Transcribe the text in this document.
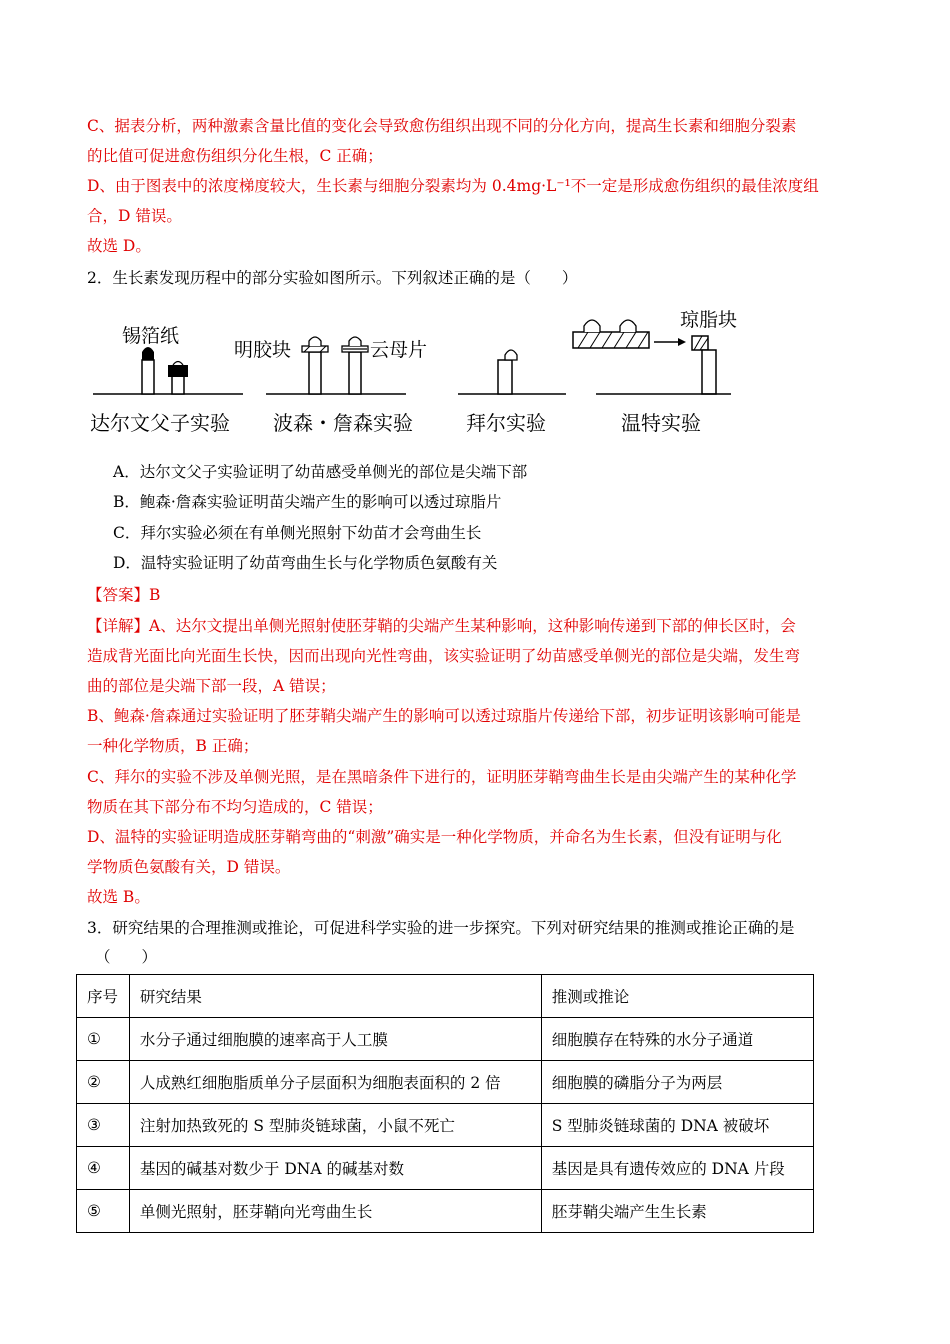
C、据表分析，两种激素含量比值的变化会导致愈伤组织出现不同的分化方向，提高生长素和细胞分裂素
的比值可促进愈伤组织分化生根，C 正确；
D、由于图表中的浓度梯度较大，生长素与细胞分裂素均为 0.4mg·L⁻¹不一定是形成愈伤组织的最佳浓度组
合，D 错误。
故选 D。
2．生长素发现历程中的部分实验如图所示。下列叙述正确的是（　　）
锡箔纸
达尔文父子实验
明胶块	云母片
波森・詹森实验	拜尔实验
琼脂块
温特实验
A．达尔文父子实验证明了幼苗感受单侧光的部位是尖端下部
B．鲍森·詹森实验证明苗尖端产生的影响可以透过琼脂片
C．拜尔实验必须在有单侧光照射下幼苗才会弯曲生长
D．温特实验证明了幼苗弯曲生长与化学物质色氨酸有关
【答案】B
【详解】A、达尔文提出单侧光照射使胚芽鞘的尖端产生某种影响，这种影响传递到下部的伸长区时，会
造成背光面比向光面生长快，因而出现向光性弯曲，该实验证明了幼苗感受单侧光的部位是尖端，发生弯
曲的部位是尖端下部一段，A 错误；
B、鲍森·詹森通过实验证明了胚芽鞘尖端产生的影响可以透过琼脂片传递给下部，初步证明该影响可能是
一种化学物质，B 正确；
C、拜尔的实验不涉及单侧光照，是在黑暗条件下进行的，证明胚芽鞘弯曲生长是由尖端产生的某种化学
物质在其下部分布不均匀造成的，C 错误；
D、温特的实验证明造成胚芽鞘弯曲的“刺激”确实是一种化学物质，并命名为生长素，但没有证明与化
学物质色氨酸有关，D 错误。
故选 B。
3．研究结果的合理推测或推论，可促进科学实验的进一步探究。下列对研究结果的推测或推论正确的是
（　　）
序号	研究结果	推测或推论
①	水分子通过细胞膜的速率高于人工膜	细胞膜存在特殊的水分子通道
②	人成熟红细胞脂质单分子层面积为细胞表面积的 2 倍	细胞膜的磷脂分子为两层
③	注射加热致死的 S 型肺炎链球菌，小鼠不死亡	S 型肺炎链球菌的 DNA 被破坏
④	基因的碱基对数少于 DNA 的碱基对数	基因是具有遗传效应的 DNA 片段
⑤	单侧光照射，胚芽鞘向光弯曲生长	胚芽鞘尖端产生生长素
